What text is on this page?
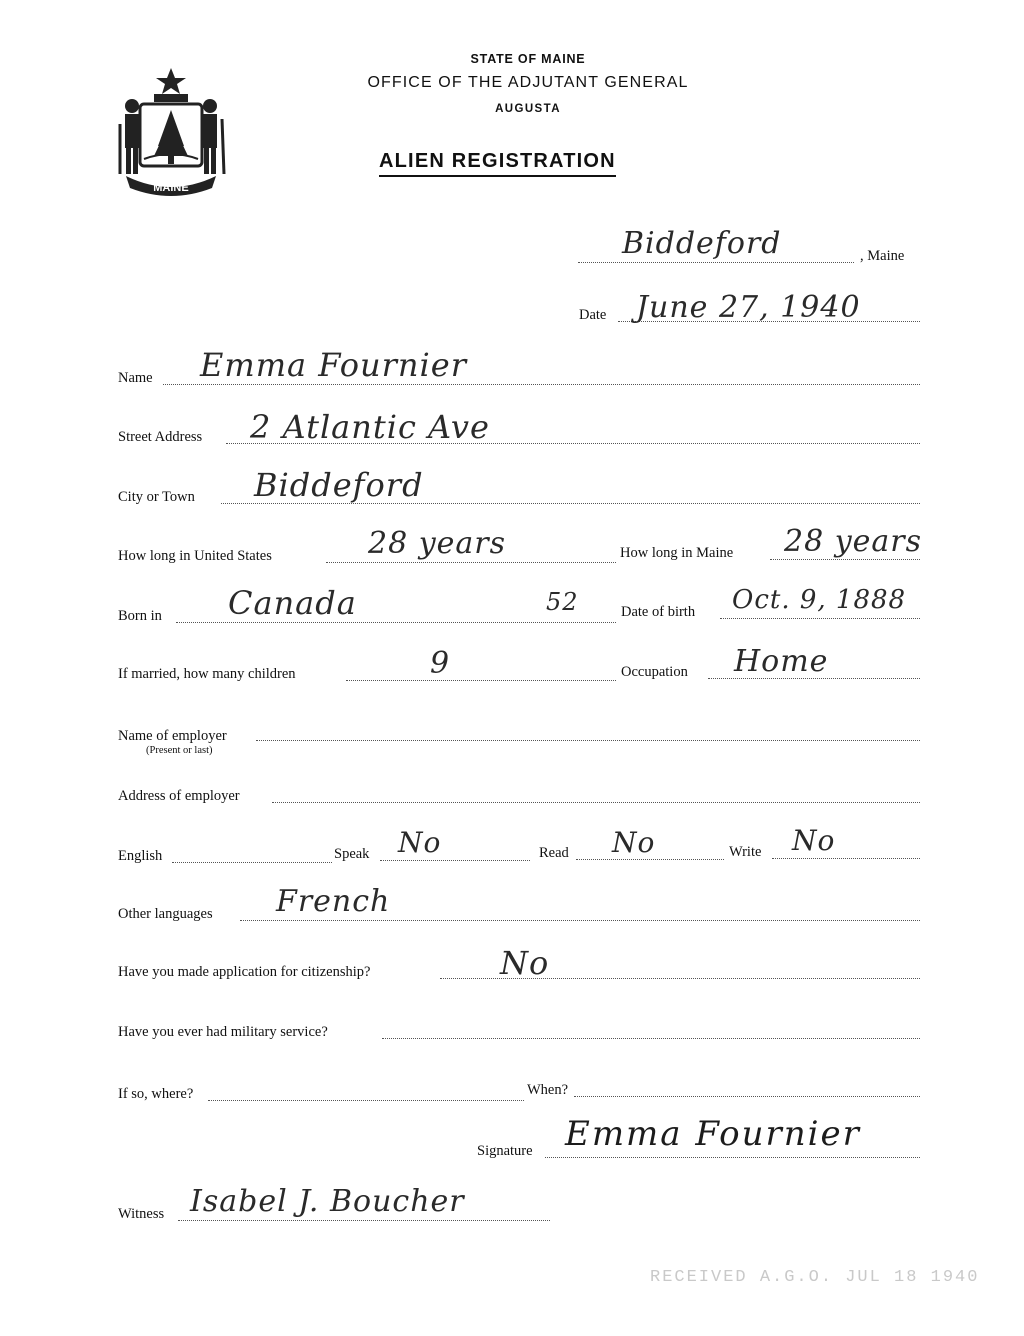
MAINE
STATE OF MAINE
OFFICE OF THE ADJUTANT GENERAL
AUGUSTA
ALIEN REGISTRATION
Biddeford	, Maine
Date June 27, 1940
Name Emma Fournier
Street Address 2 Atlantic Ave
City or Town Biddeford
How long in United States	28 years	How long in Maine 28 years
Born in Canada	52	Date of birth Oct. 9, 1888
If married, how many children	9	Occupation Home
Name of employer
(Present or last)
Address of employer
English	Speak No	Read No	Write No
Other languages French
Have you made application for citizenship?	No
Have you ever had military service?
If so, where?	When?
Signature Emma Fournier
Witness Isabel J. Boucher
RECEIVED A.G.O. JUL 18 1940
